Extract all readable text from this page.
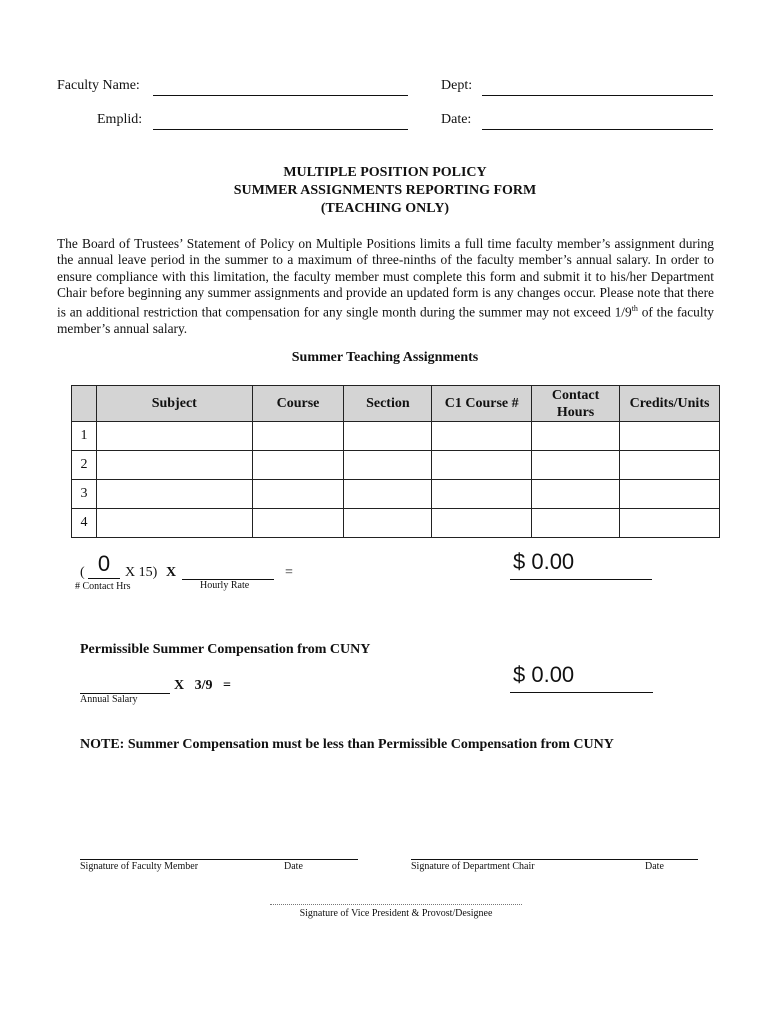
Faculty Name:	Dept:
Emplid:	Date:
MULTIPLE POSITION POLICY
SUMMER ASSIGNMENTS REPORTING FORM
(TEACHING ONLY)
The Board of Trustees’ Statement of Policy on Multiple Positions limits a full time faculty member’s assignment during the annual leave period in the summer to a maximum of three-ninths of the faculty member’s annual salary. In order to ensure compliance with this limitation, the faculty member must complete this form and submit it to his/her Department Chair before beginning any summer assignments and provide an updated form is any changes occur. Please note that there is an additional restriction that compensation for any single month during the summer may not exceed 1/9th of the faculty member’s annual salary.
Summer Teaching Assignments
	Subject	Course	Section	C1 Course #	Contact Hours	Credits/Units
1						
2						
3						
4						
( 0	X 15) X	=
# Contact Hrs	Hourly Rate
$ 0.00
Permissible Summer Compensation from CUNY
X   3/9   =
Annual Salary
$ 0.00
NOTE: Summer Compensation must be less than Permissible Compensation from CUNY
Signature of Faculty Member	Date	Signature of Department Chair	Date
Signature of Vice President & Provost/Designee
